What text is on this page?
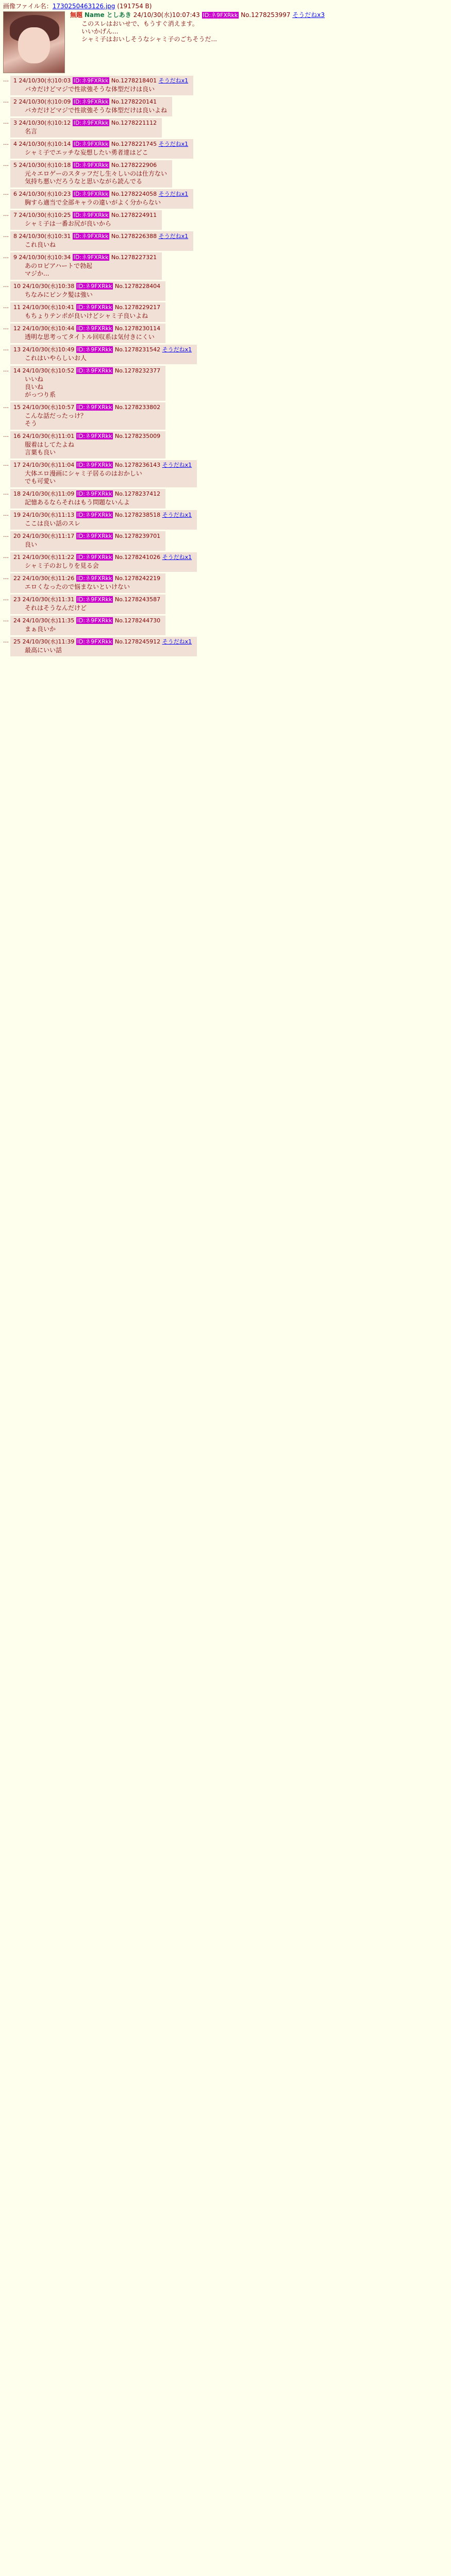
画像ファイル名：1730250463126.jpg (191754 B)
無題 Name としあき 24/10/30(水)10:07:43 ID:ネ9FXRkk No.1278253997 そうだねx3
このスレはおいせで、もうすぐ消えます。
いいかげん...
シャミ子はおいしそうなシャミ子のごちそうだ...
… 1 24/10/30(水)10:03 ID:ネ9FXRkk No.1278218401 そうだねx1
バカだけどマジで性欲強そうな体型だけは良い
… 2 24/10/30(水)10:09 ID:ネ9FXRkk No.1278220141
バカだけどマジで性欲強そうな体型だけは良いよね
… 3 24/10/30(水)10:12 ID:ネ9FXRkk No.1278221112
名言
… 4 24/10/30(水)10:14 ID:ネ9FXRkk No.1278221745 そうだねx1
シャミ子でエッチな妄想したい勇者達はどこ
… 5 24/10/30(水)10:18 ID:ネ9FXRkk No.1278222906
元々エロゲーのスタッフだし生々しいのは仕方ない
気持ち悪いだろうなと思いながら読んでる
… 6 24/10/30(水)10:23 ID:ネ9FXRkk No.1278224058 そうだねx1
胸すら適当で全部キャラの違いがよく分からない
… 7 24/10/30(水)10:25 ID:ネ9FXRkk No.1278224911
シャミ子は一番お尻が良いから
… 8 24/10/30(水)10:31 ID:ネ9FXRkk No.1278226388 そうだねx1
これ良いね
… 9 24/10/30(水)10:34 ID:ネ9FXRkk No.1278227321
あのロピアハートで勃起
マジか...
… 10 24/10/30(水)10:38 ID:ネ9FXRkk No.1278228404
ちなみにピンク髪は強い
… 11 24/10/30(水)10:41 ID:ネ9FXRkk No.1278229217
もちょりテンポが良いけどシャミ子良いよね
… 12 24/10/30(水)10:44 ID:ネ9FXRkk No.1278230114
透明な思考ってタイトル回収系は気付きにくい
… 13 24/10/30(水)10:49 ID:ネ9FXRkk No.1278231542 そうだねx1
これはいやらしいお人
… 14 24/10/30(水)10:52 ID:ネ9FXRkk No.1278232377
いいね
良いね
がっつり系
… 15 24/10/30(水)10:57 ID:ネ9FXRkk No.1278233802
こんな話だったっけ？
そう
… 16 24/10/30(水)11:01 ID:ネ9FXRkk No.1278235009
服着はしてたよね
言葉も良い
… 17 24/10/30(水)11:04 ID:ネ9FXRkk No.1278236143 そうだねx1
大体エロ漫画にシャミ子居るのはおかしい
でも可愛い
… 18 24/10/30(水)11:09 ID:ネ9FXRkk No.1278237412
記憶あるならそれはもう問題ないんよ
… 19 24/10/30(水)11:13 ID:ネ9FXRkk No.1278238518 そうだねx1
ここは良い話のスレ
… 20 24/10/30(水)11:17 ID:ネ9FXRkk No.1278239701
良い
… 21 24/10/30(水)11:22 ID:ネ9FXRkk No.1278241026 そうだねx1
シャミ子のおしりを見る会
… 22 24/10/30(水)11:26 ID:ネ9FXRkk No.1278242219
エロくなったので悩まないといけない
… 23 24/10/30(水)11:31 ID:ネ9FXRkk No.1278243587
それはそうなんだけど
… 24 24/10/30(水)11:35 ID:ネ9FXRkk No.1278244730
まぁ良いか
… 25 24/10/30(水)11:39 ID:ネ9FXRkk No.1278245912 そうだねx1
最高にいい話
